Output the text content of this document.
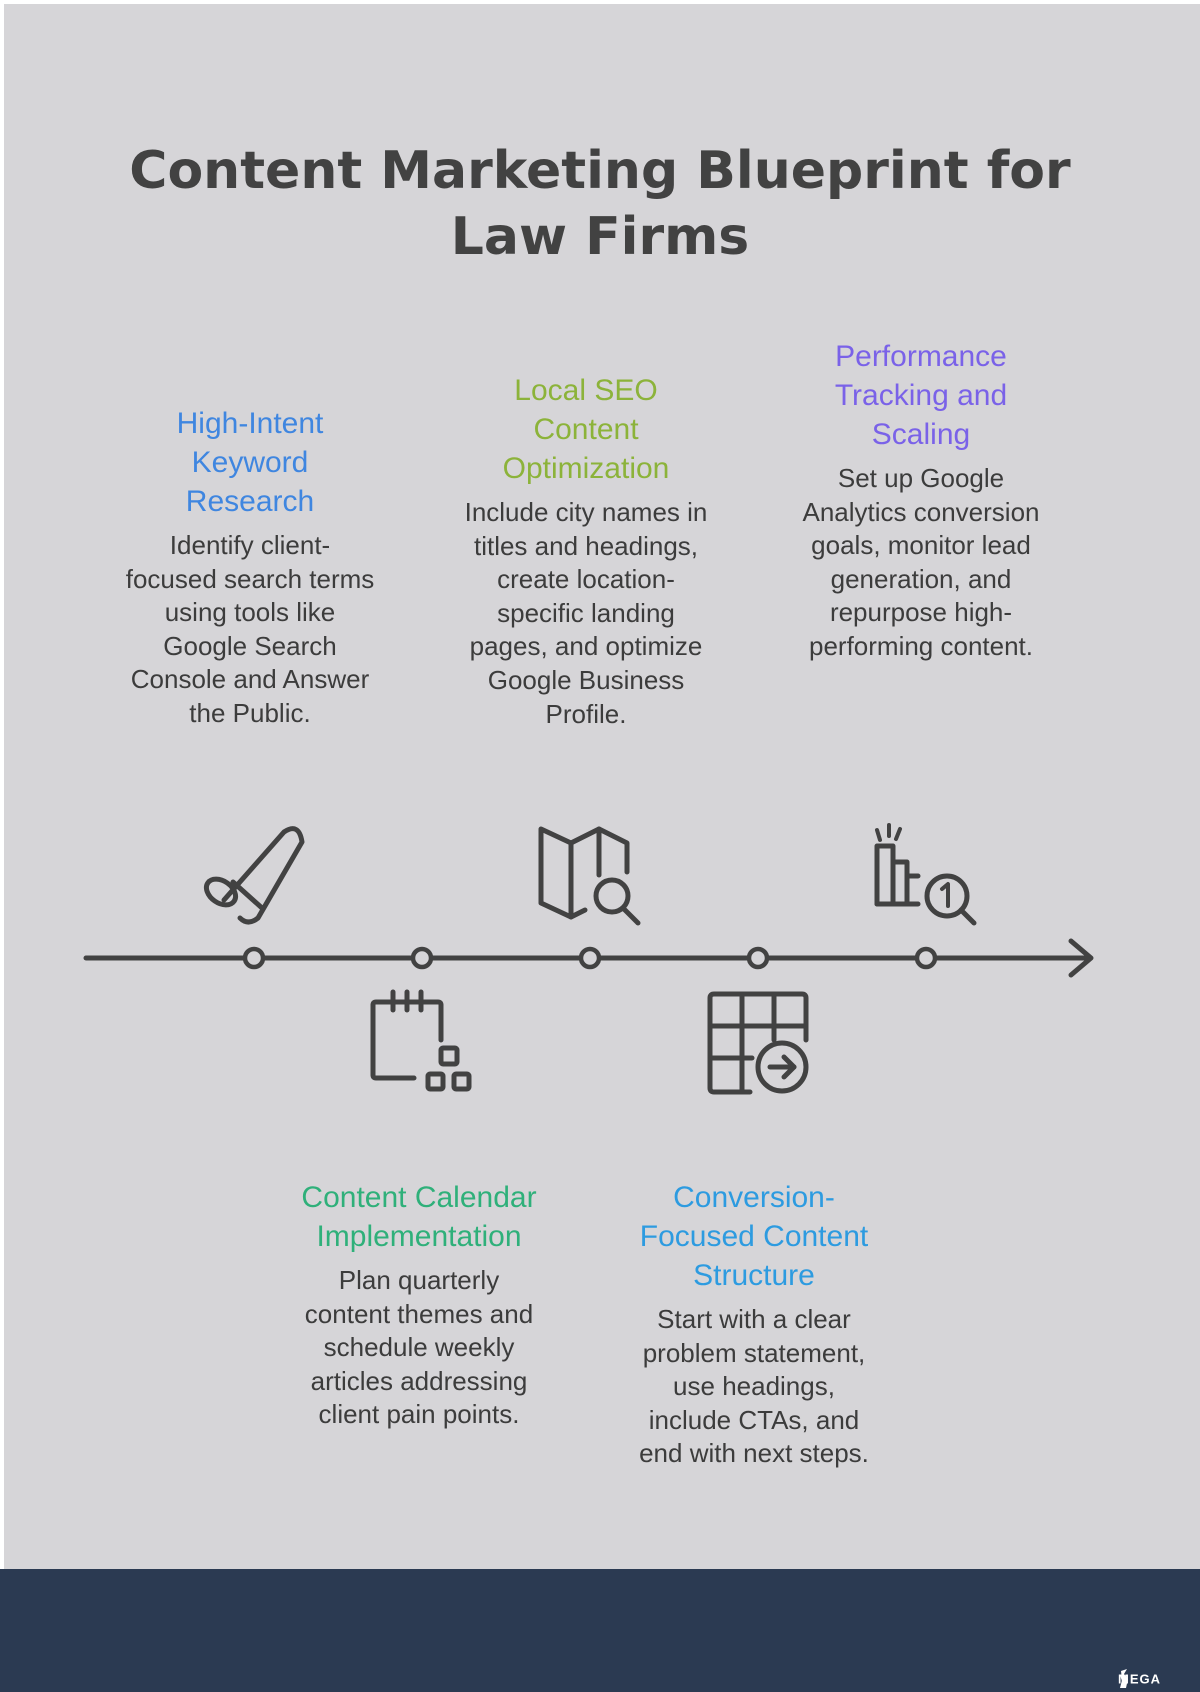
Content Marketing Blueprint for Law Firms

High-Intent Keyword Research

Identify client-focused search terms using tools like Google Search Console and Answer the Public.

Local SEO Content Optimization

Include city names in titles and headings, create location-specific landing pages, and optimize Google Business Profile.

Performance Tracking and Scaling

Set up Google Analytics conversion goals, monitor lead generation, and repurpose high-performing content.

Content Calendar Implementation

Plan quarterly content themes and schedule weekly articles addressing client pain points.

Conversion-Focused Content Structure

Start with a clear problem statement, use headings, include CTAs, and end with next steps.

MEGA
